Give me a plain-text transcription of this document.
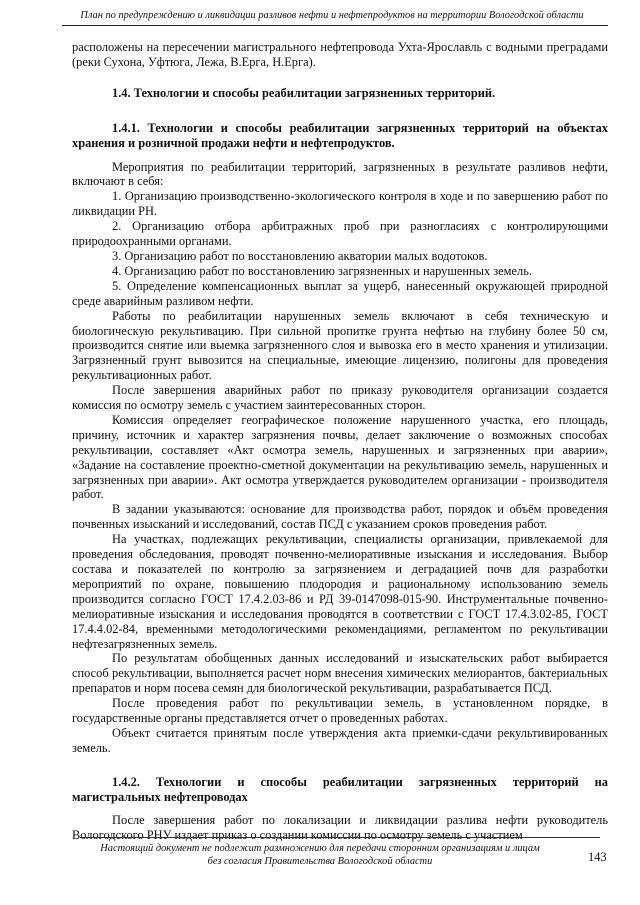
План по предупреждению и ликвидации разливов нефти и нефтепродуктов на территории Вологодской области

расположены на пересечении магистрального нефтепровода Ухта-Ярославль с водными преградами (реки Сухона, Уфтюга, Лежа, В.Ерга, Н.Ерга).

1.4. Технологии и способы реабилитации загрязненных территорий.

1.4.1. Технологии и способы реабилитации загрязненных территорий на объектах хранения и розничной продажи нефти и нефтепродуктов.

Мероприятия по реабилитации территорий, загрязненных в результате разливов нефти, включают в себя:

1. Организацию производственно-экологического контроля в ходе и по завершению работ по ликвидации РН.

2. Организацию отбора арбитражных проб при разногласиях с контролирующими природоохранными органами.

3. Организацию работ по восстановлению акватории малых водотоков.

4. Организацию работ по восстановлению загрязненных и нарушенных земель.

5. Определение компенсационных выплат за ущерб, нанесенный окружающей природной среде аварийным разливом нефти.

Работы по реабилитации нарушенных земель включают в себя техническую и биологическую рекультивацию. При сильной пропитке грунта нефтью на глубину более 50 см, производится снятие или выемка загрязненного слоя и вывозка его в место хранения и утилизации. Загрязненный грунт вывозится на специальные, имеющие лицензию, полигоны для проведения рекультивационных работ.

После завершения аварийных работ по приказу руководителя организации создается комиссия по осмотру земель с участием заинтересованных сторон.

Комиссия определяет географическое положение нарушенного участка, его площадь, причину, источник и характер загрязнения почвы, делает заключение о возможных способах рекультивации, составляет «Акт осмотра земель, нарушенных и загрязненных при аварии», «Задание на составление проектно-сметной документации на рекультивацию земель, нарушенных и загрязненных при аварии». Акт осмотра утверждается руководителем организации - производителя работ.

В задании указываются: основание для производства работ, порядок и объём проведения почвенных изысканий и исследований, состав ПСД с указанием сроков проведения работ.

На участках, подлежащих рекультивации, специалисты организации, привлекаемой для проведения обследования, проводят почвенно-мелиоративные изыскания и исследования. Выбор состава и показателей по контролю за загрязнением и деградацией почв для разработки мероприятий по охране, повышению плодородия и рациональному использованию земель производится согласно ГОСТ 17.4.2.03-86 и РД 39-0147098-015-90. Инструментальные почвенно-мелиоративные изыскания и исследования проводятся в соответствии с ГОСТ 17.4.3.02-85, ГОСТ 17.4.4.02-84, временными методологическими рекомендациями, регламентом по рекультивации нефтезагрязненных земель.

По результатам обобщенных данных исследований и изыскательских работ выбирается способ рекультивации, выполняется расчет норм внесения химических мелиорантов, бактериальных препаратов и норм посева семян для биологической рекультивации, разрабатывается ПСД.

После проведения работ по рекультивации земель, в установленном порядке, в государственные органы представляется отчет о проведенных работах.

Объект считается принятым после утверждения акта приемки-сдачи рекультивированных земель.

1.4.2. Технологии и способы реабилитации загрязненных территорий на магистральных нефтепроводах

После завершения работ по локализации и ликвидации разлива нефти руководитель Вологодского РНУ издает приказ о создании комиссии по осмотру земель с участием

Настоящий документ не подлежит размножению для передачи сторонним организациям и лицам
без согласия Правительства Вологодской области	143
